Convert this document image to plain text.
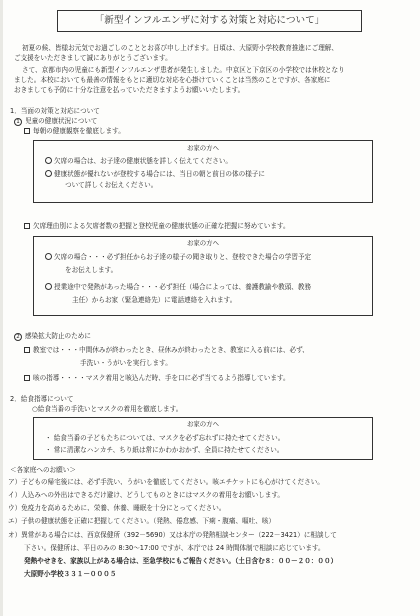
「新型インフルエンザに対する対策と対応について」
初夏の候、皆様お元気でお過ごしのこととお喜び申し上げます。日頃は、大原野小学校教育推進にご理解、
ご支援をいただきまして誠にありがとうございます。
さて、京都市内の児童にも新型インフルエンザ患者が発生しました。中京区と下京区の小学校では休校となり
ました。本校においても最善の情報をもとに適切な対応を心掛けていくことは当然のことですが、各家庭に
おきましても予防に十分な注意を払っていただきますようお願いいたします。
1．当面の対策と対応について
1 児童の健康状況について
毎朝の健康観察を徹底します。
お家の方へ
欠席の場合は、お子達の健康状態を詳しく伝えてください。
健康状態が優れないが登校する場合には、当日の朝と前日の体の様子に
ついて詳しくお伝えください。
欠席理由別による欠席者数の把握と登校児童の健康状態の正確な把握に努めています。
お家の方へ
欠席の場合・・・必ず担任からお子達の様子の聞き取りと、登校できた場合の学習予定
をお伝えします。
授業途中で発熱があった場合・・・必ず担任（場合によっては、養護教諭や教頭、教務
主任）からお家（緊急連絡先）に電話連絡を入れます。
2 感染拡大防止のために
教室では・・・中間休みが終わったとき、昼休みが終わったとき、教室に入る前には、必ず、
手洗い・うがいを実行します。
咳の指導・・・・マスク着用と咳込んだ時、手を口に必ず当てるよう指導しています。
2．給食指導について
○給食当番の手洗いとマスクの着用を徹底します。
お家の方へ
・ 給食当番の子どもたちについては、マスクを必ず忘れずに持たせてください。
・ 常に清潔なハンカチ、ちり紙は常にかわかおかず、全員に持たせてください。
＜各家庭へのお願い＞
ア）子どもの帰宅後には、必ず手洗い、うがいを徹底してください。咳エチケットにも心がけてください。
イ）人込みへの外出はできるだけ避け、どうしてものときにはマスクの着用をお願いします。
ウ）免疫力を高めるために、栄養、休養、睡眠を十分にとってください。
エ）子供の健康状態を正確に把握してください。（発熱、倦怠感、下痢・腹痛、嘔吐、咳）
オ）異常がある場合には、西京保健所（392－5690）又は本庁の発熱相談センター（222－3421）に相談して
下さい。保健所は、平日のみの 8:30～17:00 ですが、本庁では 24 時間体制で相談に応じています。
発熱やせきを、家族以上がある場合は、至急学校にもご報告ください。（土日含む８：００－２０：００）
大原野小学校３３１－０００５
